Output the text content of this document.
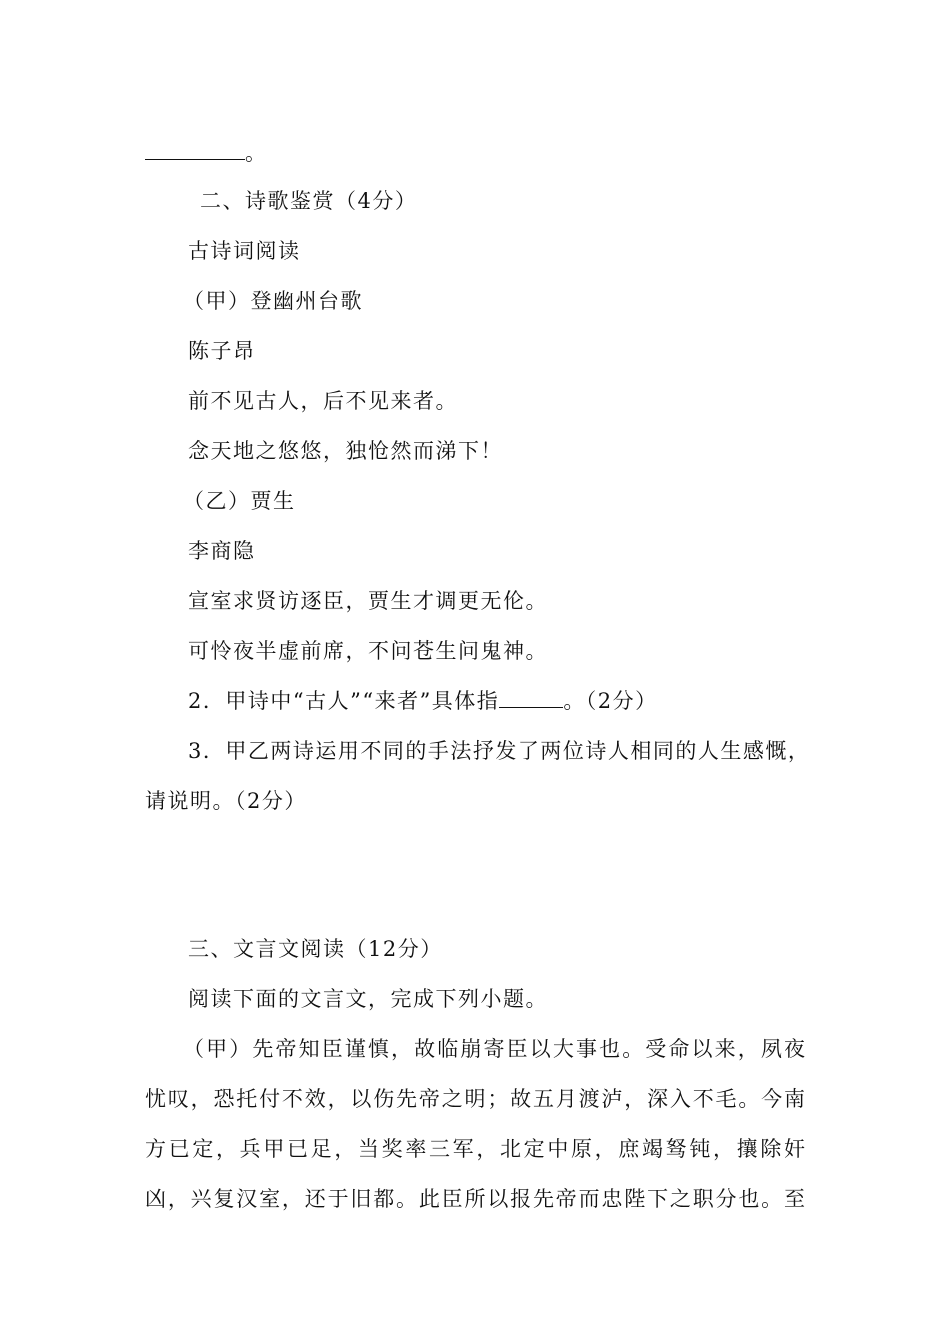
。
二、诗歌鉴赏（4分）
古诗词阅读
（甲）登幽州台歌
陈子昂
前不见古人，后不见来者。
念天地之悠悠，独怆然而涕下！
（乙）贾生
李商隐
宣室求贤访逐臣，贾生才调更无伦。
可怜夜半虚前席，不问苍生问鬼神。
2．甲诗中“古人”“来者”具体指	。（2分）
3．甲乙两诗运用不同的手法抒发了两位诗人相同的人生感慨，
请说明。（2分）
三、文言文阅读（12分）
阅读下面的文言文，完成下列小题。
（甲）先帝知臣谨慎，故临崩寄臣以大事也。受命以来，夙夜
忧叹，恐托付不效，以伤先帝之明；故五月渡泸，深入不毛。今南
方已定，兵甲已足，当奖率三军，北定中原，庶竭驽钝，攘除奸
凶，兴复汉室，还于旧都。此臣所以报先帝而忠陛下之职分也。至
